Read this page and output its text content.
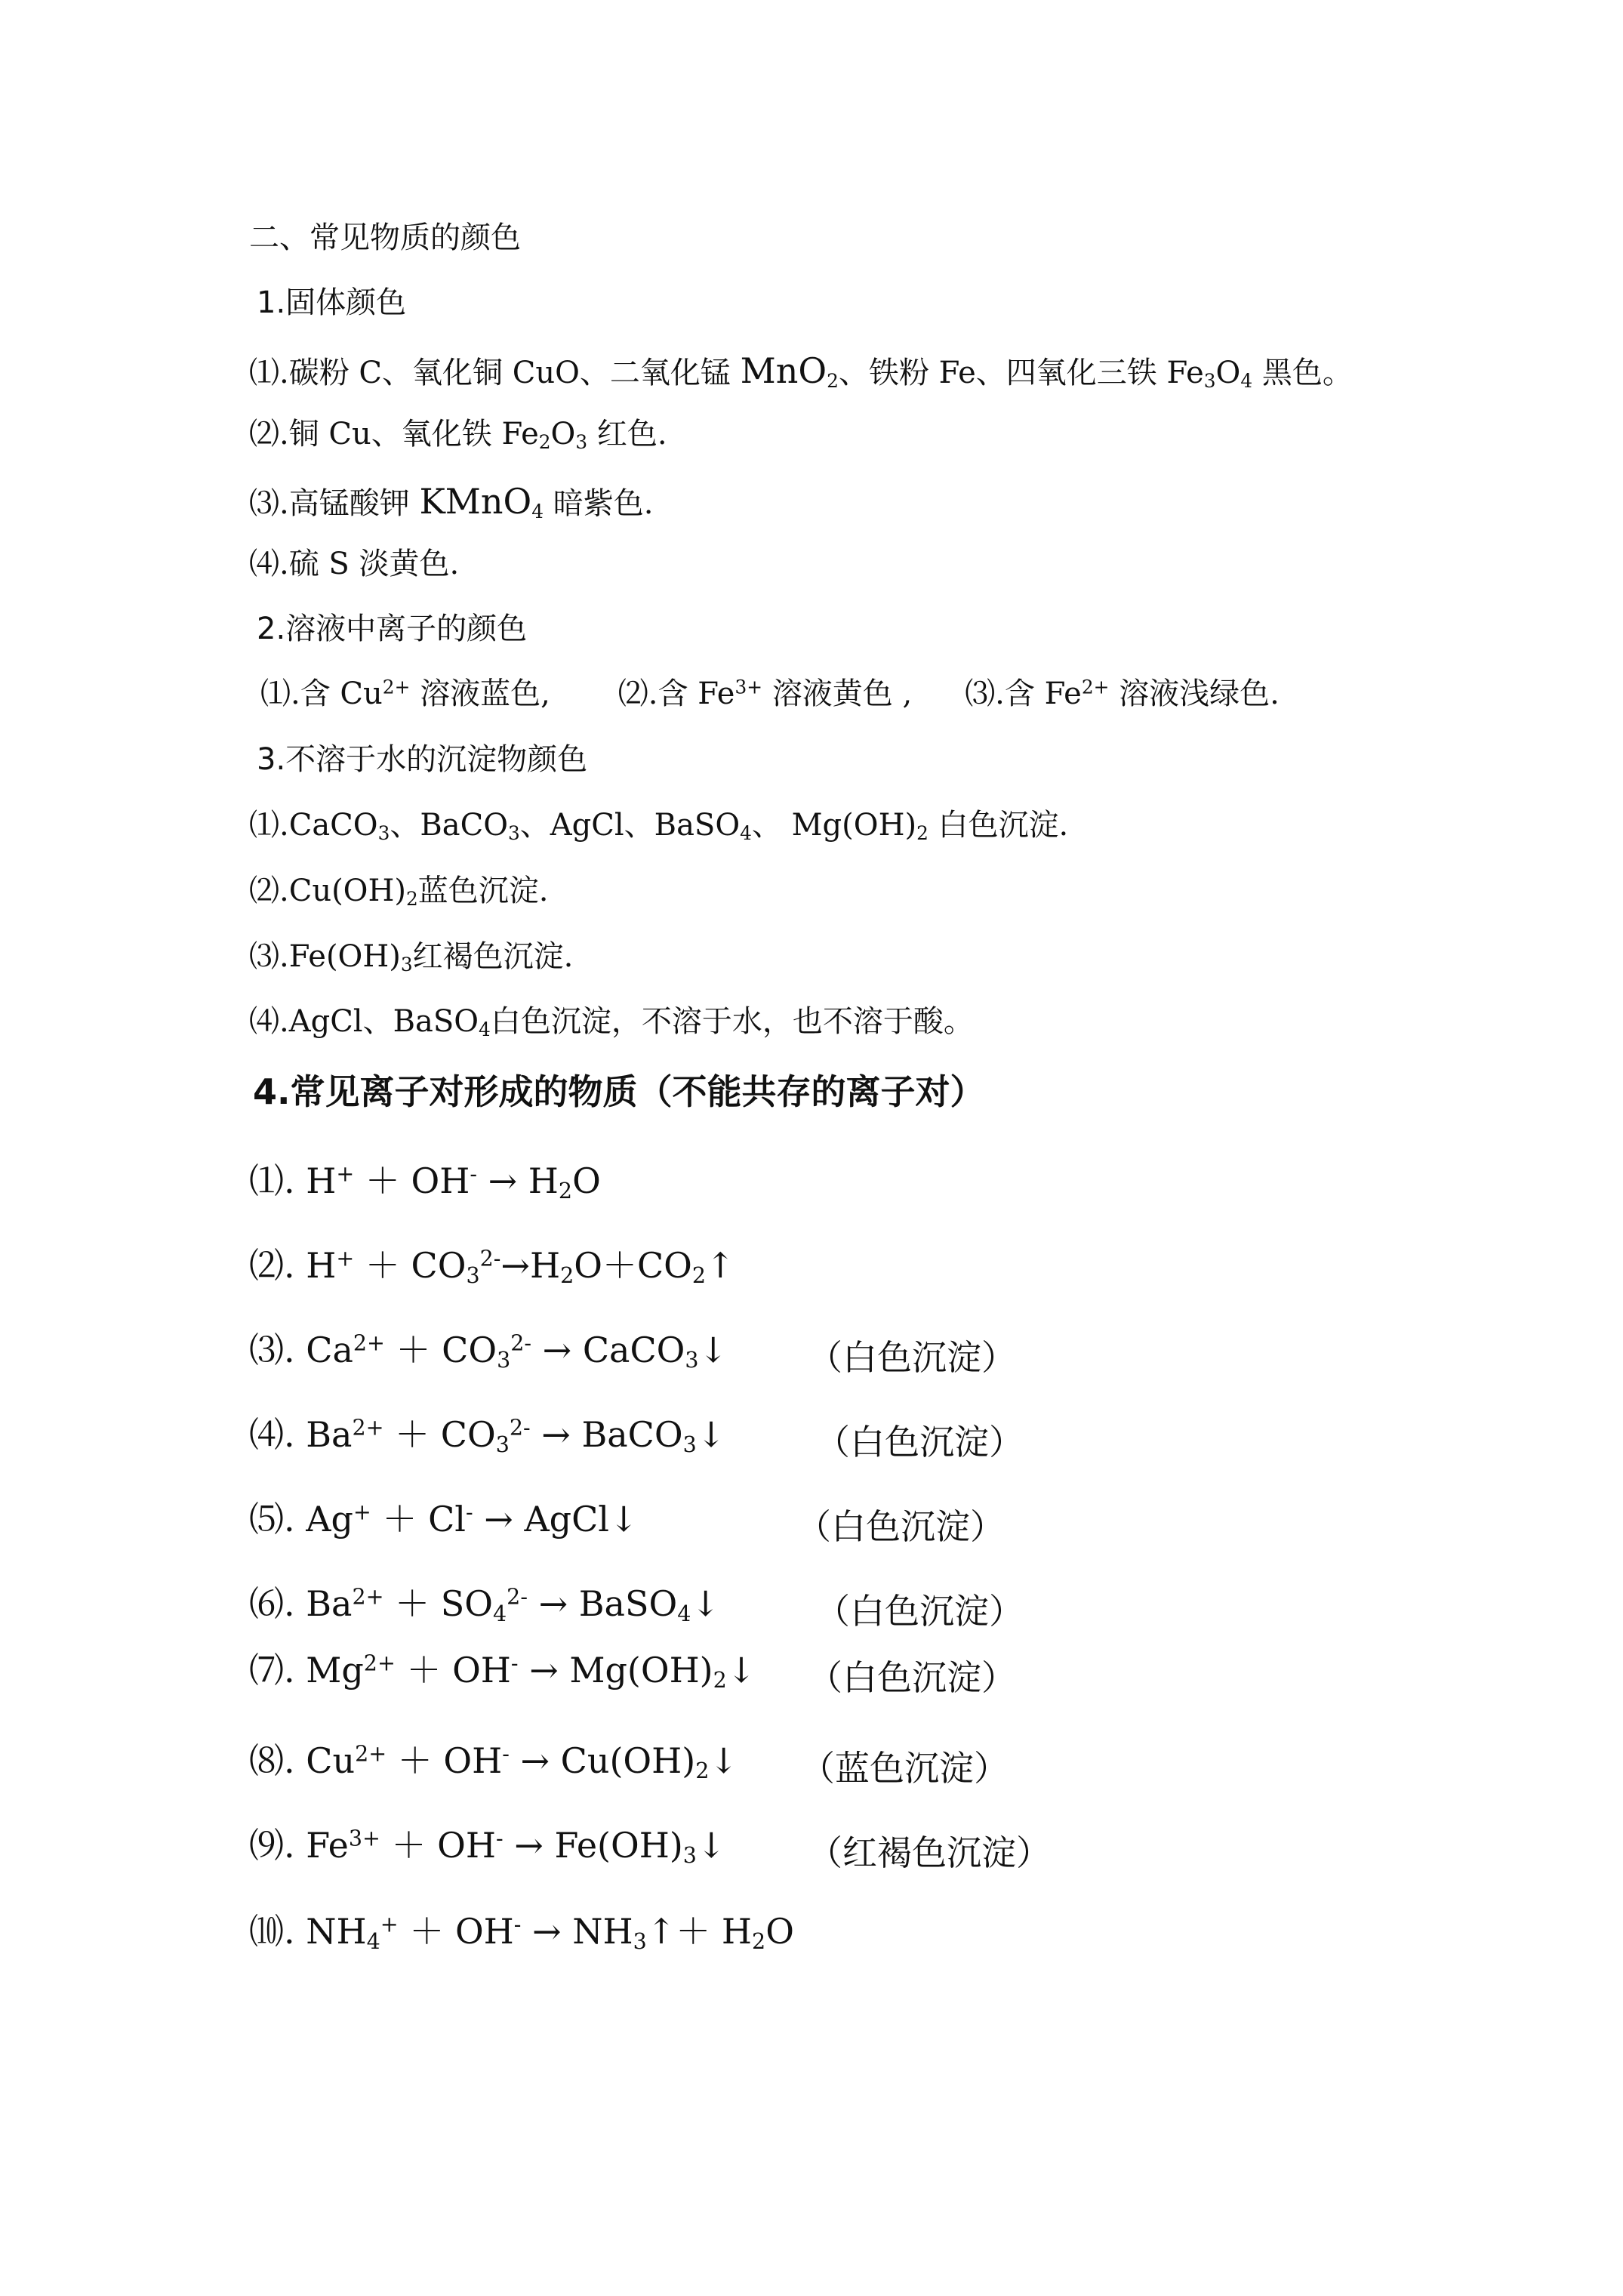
二、常见物质的颜色
1.固体颜色
⑴.碳粉 C、氧化铜 CuO、二氧化锰 MnO$_2$、铁粉 Fe、四氧化三铁 $Fe_3O_4$ 黑色。
⑵.铜 Cu、氧化铁 $Fe_2O_3$ 红色.
⑶.高锰酸钾 KMnO$_4$ 暗紫色.
⑷.硫 S 淡黄色.
2.溶液中离子的颜色
⑴.含 $Cu^{2+}$ 溶液蓝色, ⑵.含 $Fe^{3+}$ 溶液黄色 , ⑶.含 $Fe^{2+}$ 溶液浅绿色.
3.不溶于水的沉淀物颜色
⑴.CaCO$_3$、BaCO$_3$、AgCl、BaSO$_4$、 $Mg(OH)_2$ 白色沉淀.
$⑵.Cu(OH)_2$蓝色沉淀.
$⑶.Fe(OH)_3$红褐色沉淀.
⑷.AgCl、BaSO$_4$白色沉淀，不溶于水，也不溶于酸。
4.常见离子对形成的物质（不能共存的离子对）
⑴. $H^+ + OH^- \to H_2O$
⑵. $H^+ + CO_3^{2-}\to H_2O+CO_2↑$
⑶. $Ca^{2+} + CO_3^{2-}$ → CaCO$_3$↓ （白色沉淀）
⑷. $Ba^{2+} + CO_3^{2-}$ → BaCO$_3$↓	（白色沉淀）
⑸. Ag+ ＋ Cl- → AgCl↓	（白色沉淀）
⑹. $Ba^{2+} + SO_4^{2-}$ → BaSO$_4$↓	（白色沉淀）
⑺. $Mg^{2+} + OH^-$ → $Mg(OH)_2↓$ （白色沉淀）
⑻. $Cu^{2+} + OH^-$ → $Cu(OH)_2↓$ （蓝色沉淀）
⑼. $Fe^{3+} + OH^-$ → $Fe(OH)_3↓$ （红褐色沉淀）
⑽. $NH_4^+ + OH^-$ → $NH_3↑+ H_2O$
